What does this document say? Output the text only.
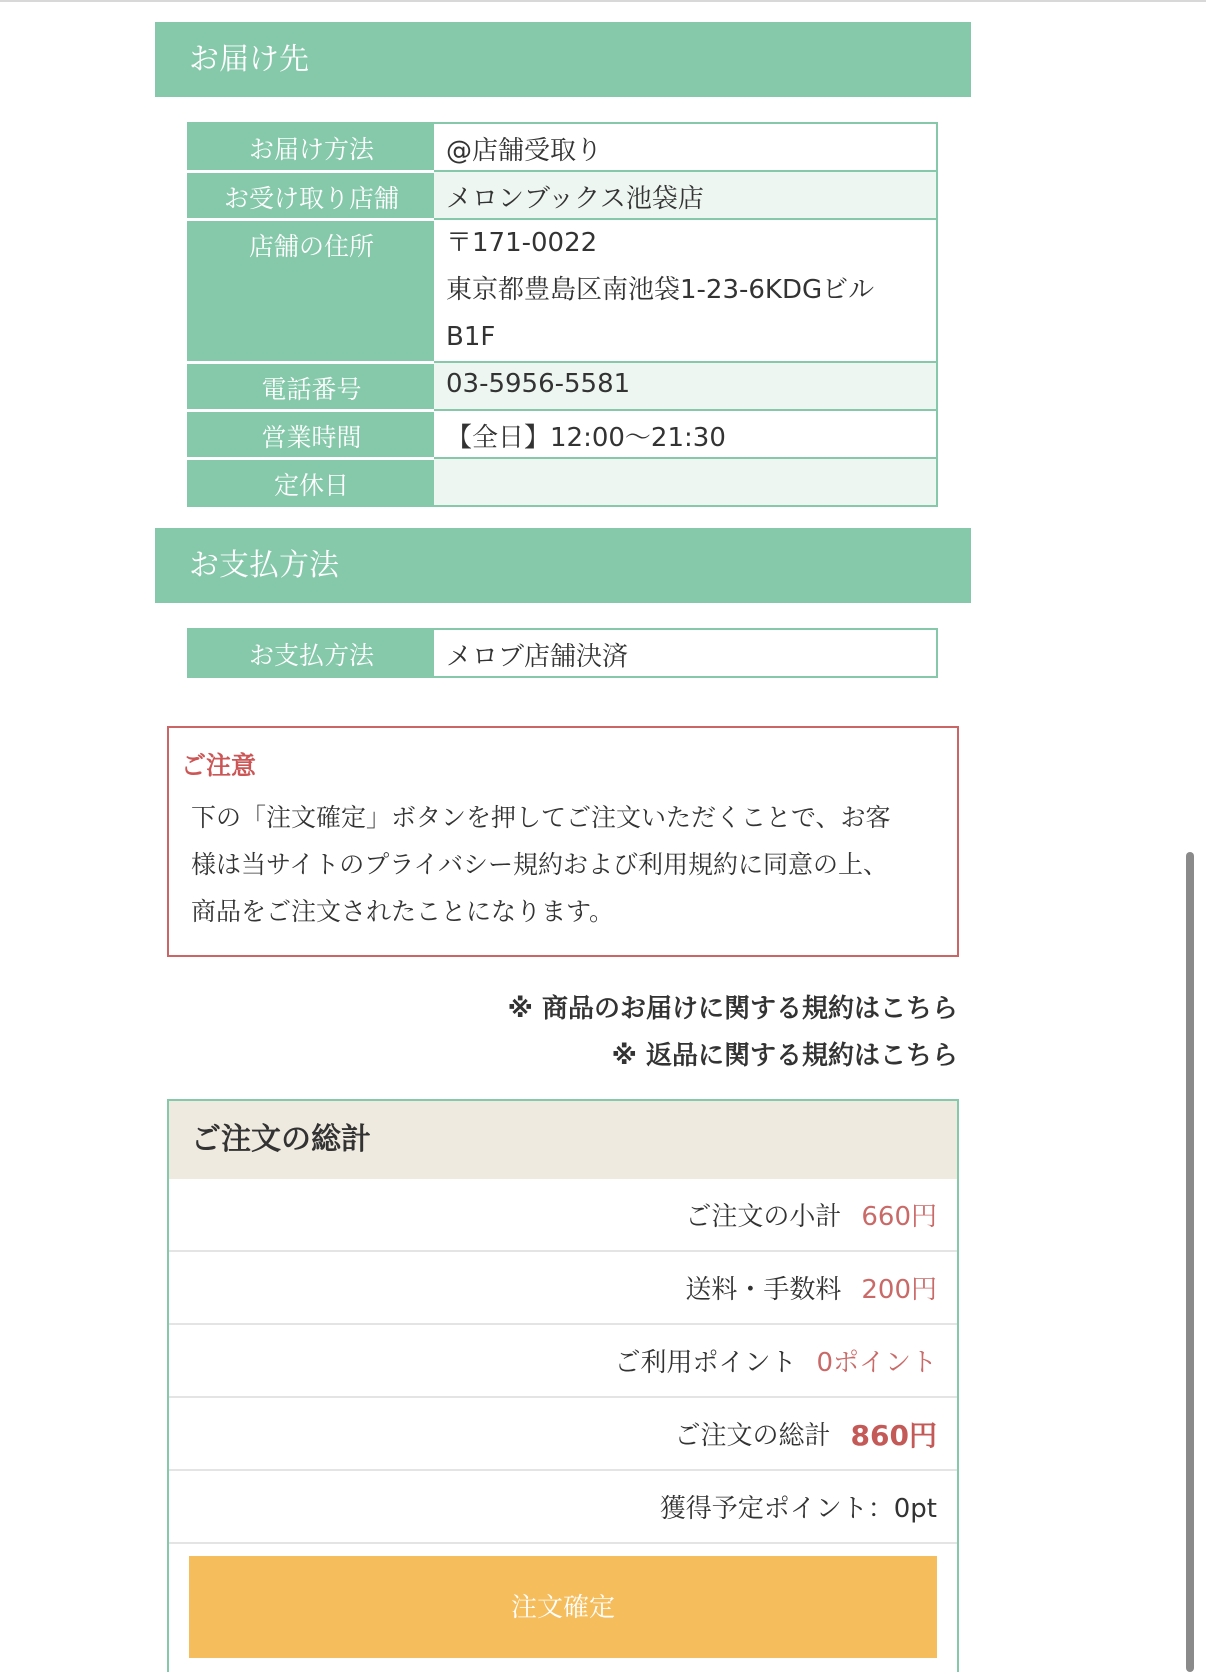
お届け先
お届け方法	@店舗受取り
お受け取り店舗	メロンブックス池袋店
店舗の住所	〒171-0022
東京都豊島区南池袋1-23-6KDGビル
B1F

電話番号	03-5956-5581
営業時間	【全日】12:00～21:30
定休日	
お支払方法
お支払方法	メロブ店舗決済
ご注意
下の「注文確定」ボタンを押してご注文いただくことで、お客
様は当サイトのプライバシー規約および利用規約に同意の上、
商品をご注文されたことになります。
※ 商品のお届けに関する規約はこちら
※ 返品に関する規約はこちら
ご注文の総計
ご注文の小計 660円
送料・手数料 200円
ご利用ポイント 0ポイント
ご注文の総計 860円
獲得予定ポイント：0pt
注文確定
